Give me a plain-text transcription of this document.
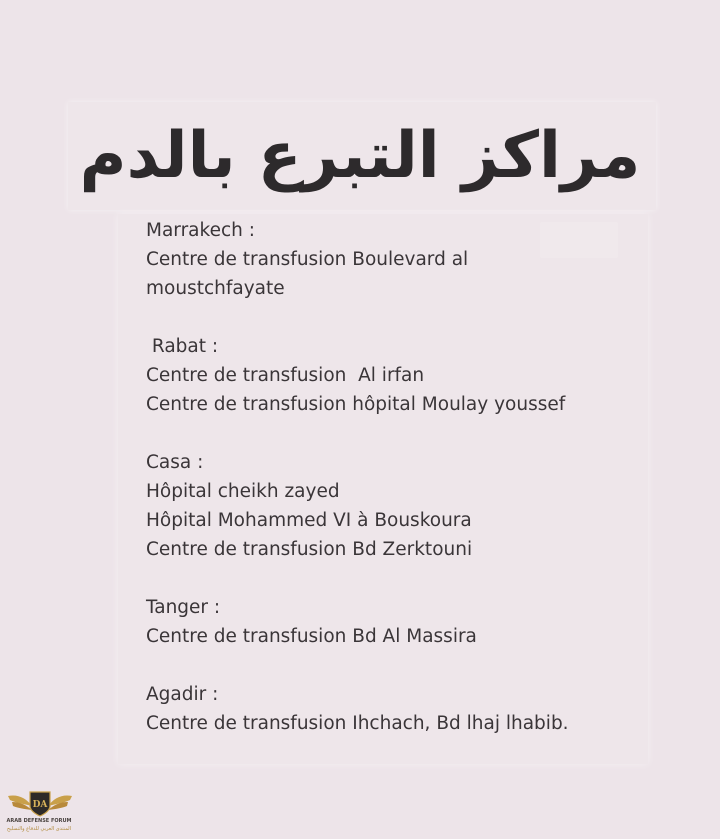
مراكز التبرع بالدم
Marrakech :
Centre de transfusion Boulevard al
moustchfayate
Rabat :
Centre de transfusion  Al irfan
Centre de transfusion hôpital Moulay youssef
Casa :
Hôpital cheikh zayed
Hôpital Mohammed VI à Bouskoura
Centre de transfusion Bd Zerktouni
Tanger :
Centre de transfusion Bd Al Massira
Agadir :
Centre de transfusion Ihchach, Bd lhaj lhabib.
DA
ARAB DEFENSE FORUM
المنتدى العربي للدفاع والتسليح
